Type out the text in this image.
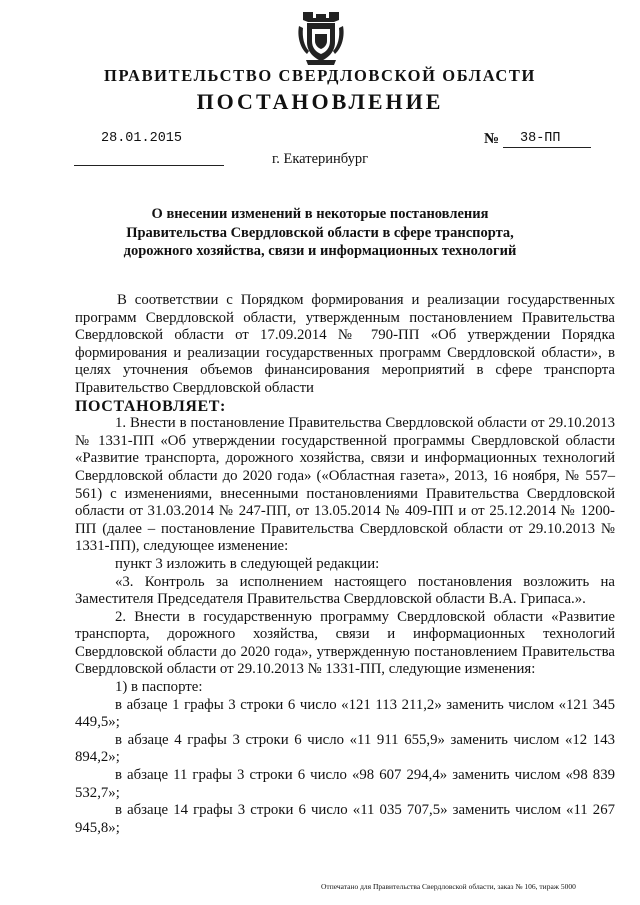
ПРАВИТЕЛЬСТВО СВЕРДЛОВСКОЙ ОБЛАСТИ
ПОСТАНОВЛЕНИЕ
28.01.2015	№ 38-ПП
г. Екатеринбург
О внесении изменений в некоторые постановления
Правительства Свердловской области в сфере транспорта,
дорожного хозяйства, связи и информационных технологий

В соответствии с Порядком формирования и реализации государственных программ Свердловской области, утвержденным постановлением Правительства Свердловской области от 17.09.2014 № 790-ПП «Об утверждении Порядка формирования и реализации государственных программ Свердловской области», в целях уточнения объемов финансирования мероприятий в сфере транспорта Правительство Свердловской области

ПОСТАНОВЛЯЕТ:

1. Внести в постановление Правительства Свердловской области от 29.10.2013 № 1331-ПП «Об утверждении государственной программы Свердловской области «Развитие транспорта, дорожного хозяйства, связи и информационных технологий Свердловской области до 2020 года» («Областная газета», 2013, 16 ноября, № 557–561) с изменениями, внесенными постановлениями Правительства Свердловской области от 31.03.2014 № 247-ПП, от 13.05.2014 № 409-ПП и от 25.12.2014 № 1200-ПП (далее – постановление Правительства Свердловской области от 29.10.2013 № 1331-ПП), следующее изменение:

пункт 3 изложить в следующей редакции:

«3. Контроль за исполнением настоящего постановления возложить на Заместителя Председателя Правительства Свердловской области В.А. Грипаса.».

2. Внести в государственную программу Свердловской области «Развитие транспорта, дорожного хозяйства, связи и информационных технологий Свердловской области до 2020 года», утвержденную постановлением Правительства Свердловской области от 29.10.2013 № 1331-ПП, следующие изменения:

1) в паспорте:

в абзаце 1 графы 3 строки 6 число «121 113 211,2» заменить числом «121 345 449,5»;

в абзаце 4 графы 3 строки 6 число «11 911 655,9» заменить числом «12 143 894,2»;

в абзаце 11 графы 3 строки 6 число «98 607 294,4» заменить числом «98 839 532,7»;

в абзаце 14 графы 3 строки 6 число «11 035 707,5» заменить числом «11 267 945,8»;

Отпечатано для Правительства Свердловской области, заказ № 106, тираж 5000
